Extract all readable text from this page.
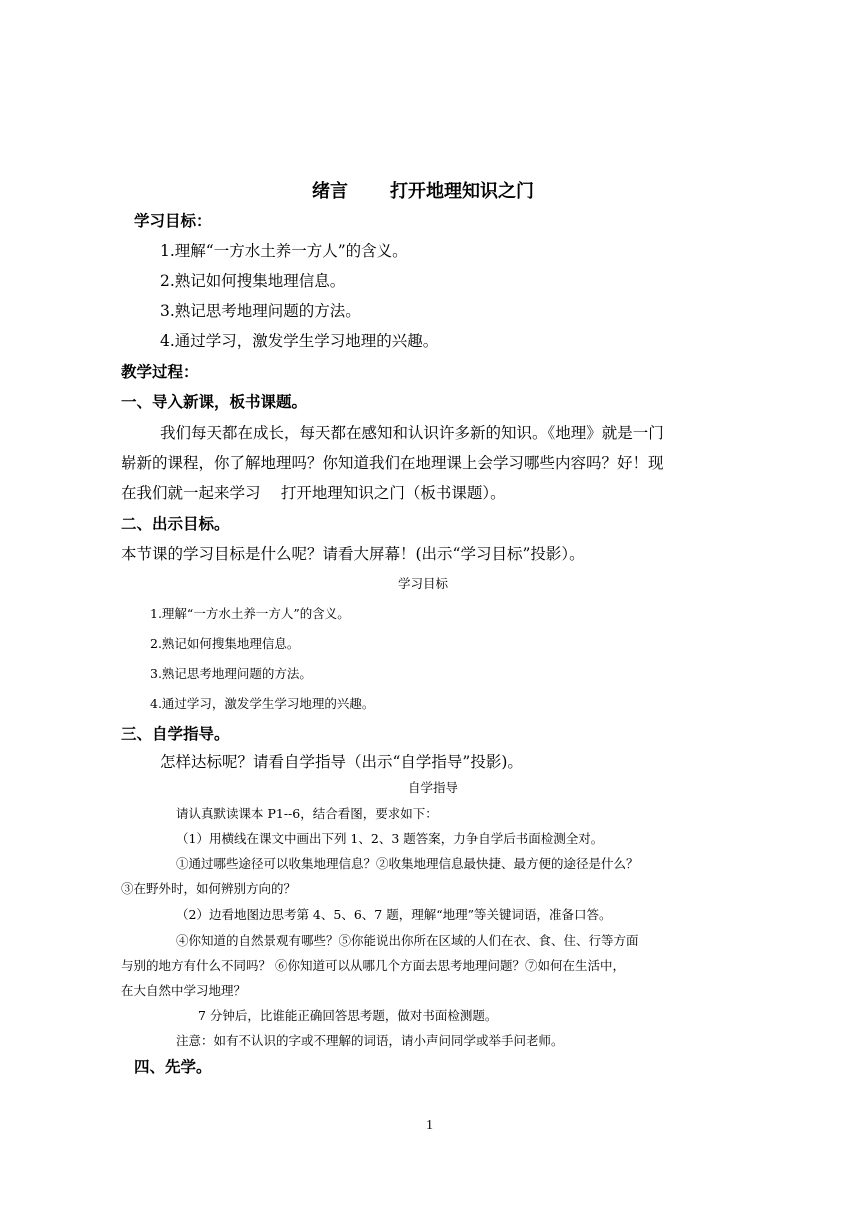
绪言 打开地理知识之门
学习目标：
1.理解“一方水土养一方人”的含义。
2.熟记如何搜集地理信息。
3.熟记思考地理问题的方法。
4.通过学习，激发学生学习地理的兴趣。
教学过程：
一、导入新课，板书课题。
我们每天都在成长，每天都在感知和认识许多新的知识。《地理》就是一门
崭新的课程，你了解地理吗？你知道我们在地理课上会学习哪些内容吗？好！现
在我们就一起来学习　 打开地理知识之门（板书课题）。
二、出示目标。
本节课的学习目标是什么呢？请看大屏幕！(出示“学习目标”投影）。
学习目标
1.理解“一方水土养一方人”的含义。
2.熟记如何搜集地理信息。
3.熟记思考地理问题的方法。
4.通过学习，激发学生学习地理的兴趣。
三、自学指导。
怎样达标呢？请看自学指导（出示“自学指导”投影)。
自学指导
请认真默读课本 P1--6，结合看图，要求如下：
（1）用横线在课文中画出下列 1、2、3 题答案，力争自学后书面检测全对。
①通过哪些途径可以收集地理信息？②收集地理信息最快捷、最方便的途径是什么？
③在野外时，如何辨别方向的？
（2）边看地图边思考第 4、5、6、7 题，理解“地理”等关键词语，准备口答。
④你知道的自然景观有哪些？⑤你能说出你所在区域的人们在衣、食、住、行等方面
与别的地方有什么不同吗？ ⑥你知道可以从哪几个方面去思考地理问题？⑦如何在生活中，
在大自然中学习地理？
7 分钟后，比谁能正确回答思考题，做对书面检测题。
注意：如有不认识的字或不理解的词语，请小声问同学或举手问老师。
四、先学。
1
